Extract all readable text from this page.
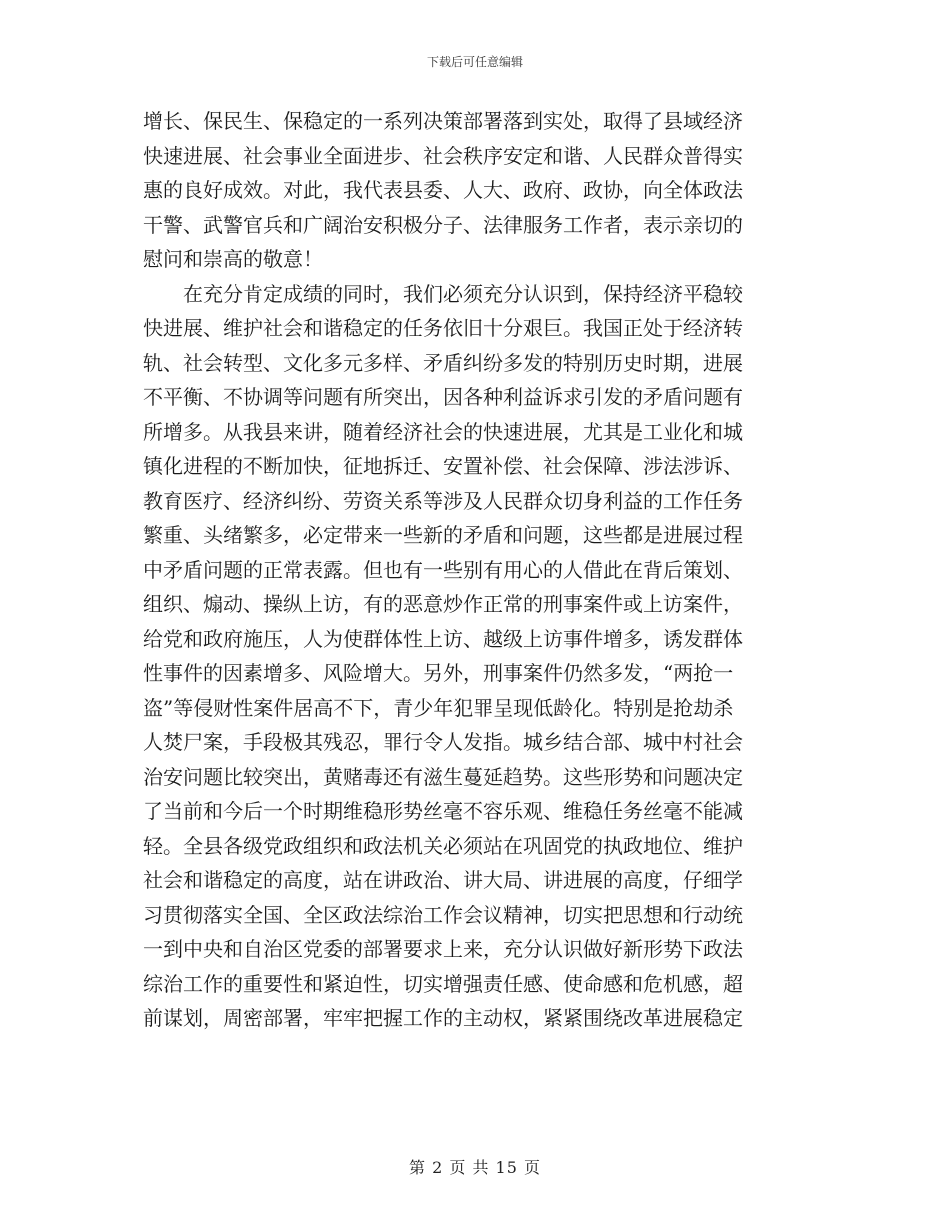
下载后可任意编辑
增长、保民生、保稳定的一系列决策部署落到实处，取得了县域经济
快速进展、社会事业全面进步、社会秩序安定和谐、人民群众普得实
惠的良好成效。对此，我代表县委、人大、政府、政协，向全体政法
干警、武警官兵和广阔治安积极分子、法律服务工作者，表示亲切的
慰问和崇高的敬意！
在充分肯定成绩的同时，我们必须充分认识到，保持经济平稳较
快进展、维护社会和谐稳定的任务依旧十分艰巨。我国正处于经济转
轨、社会转型、文化多元多样、矛盾纠纷多发的特别历史时期，进展
不平衡、不协调等问题有所突出，因各种利益诉求引发的矛盾问题有
所增多。从我县来讲，随着经济社会的快速进展，尤其是工业化和城
镇化进程的不断加快，征地拆迁、安置补偿、社会保障、涉法涉诉、
教育医疗、经济纠纷、劳资关系等涉及人民群众切身利益的工作任务
繁重、头绪繁多，必定带来一些新的矛盾和问题，这些都是进展过程
中矛盾问题的正常表露。但也有一些别有用心的人借此在背后策划、
组织、煽动、操纵上访，有的恶意炒作正常的刑事案件或上访案件，
给党和政府施压，人为使群体性上访、越级上访事件增多，诱发群体
性事件的因素增多、风险增大。另外，刑事案件仍然多发，“两抢一
盗”等侵财性案件居高不下，青少年犯罪呈现低龄化。特别是抢劫杀
人焚尸案，手段极其残忍，罪行令人发指。城乡结合部、城中村社会
治安问题比较突出，黄赌毒还有滋生蔓延趋势。这些形势和问题决定
了当前和今后一个时期维稳形势丝毫不容乐观、维稳任务丝毫不能减
轻。全县各级党政组织和政法机关必须站在巩固党的执政地位、维护
社会和谐稳定的高度，站在讲政治、讲大局、讲进展的高度，仔细学
习贯彻落实全国、全区政法综治工作会议精神，切实把思想和行动统
一到中央和自治区党委的部署要求上来，充分认识做好新形势下政法
综治工作的重要性和紧迫性，切实增强责任感、使命感和危机感，超
前谋划，周密部署，牢牢把握工作的主动权，紧紧围绕改革进展稳定
第 2 页 共 15 页
